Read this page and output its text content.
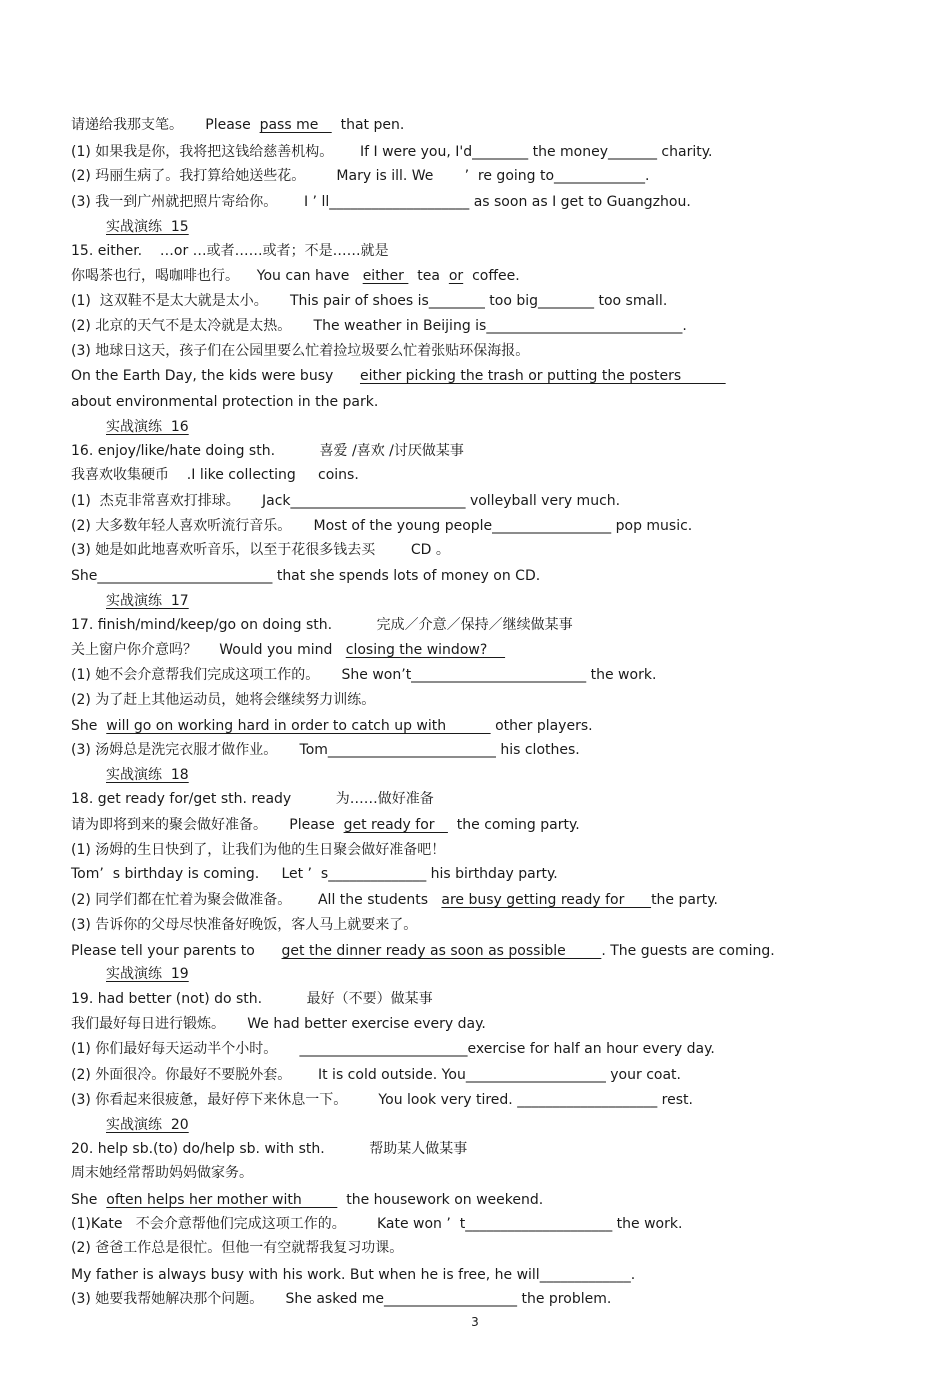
请递给我那支笔。     Please  pass me     that pen.
(1) 如果我是你，我将把这钱给慈善机构。      If I were you, I'd________ the money_______ charity.
(2) 玛丽生病了。我打算给她送些花。       Mary is ill. We       ’  re going to_____________.
(3) 我一到广州就把照片寄给你。      I ’ ll____________________ as soon as I get to Guangzhou.
实战演练  15
15. either.    …or …或者……或者；不是……就是
你喝茶也行，喝咖啡也行。    You can have   either   tea  or  coffee.
(1)  这双鞋不是太大就是太小。     This pair of shoes is________ too big________ too small.
(2) 北京的天气不是太冷就是太热。     The weather in Beijing is____________________________.
(3) 地球日这天，孩子们在公园里要么忙着捡垃圾要么忙着张贴环保海报。
On the Earth Day, the kids were busy      either picking the trash or putting the posters
about environmental protection in the park.
实战演练  16
16. enjoy/like/hate doing sth.          喜爱 /喜欢 /讨厌做某事
我喜欢收集硬币    .I like collecting     coins.
(1)  杰克非常喜欢打排球。     Jack_________________________ volleyball very much.
(2) 大多数年轻人喜欢听流行音乐。     Most of the young people_________________ pop music.
(3) 她是如此地喜欢听音乐，以至于花很多钱去买        CD 。
She_________________________ that she spends lots of money on CD.
实战演练  17
17. finish/mind/keep/go on doing sth.          完成／介意／保持／继续做某事
关上窗户你介意吗？     Would you mind   closing the window?
(1) 她不会介意帮我们完成这项工作的。     She won’t_________________________ the work.
(2) 为了赶上其他运动员，她将会继续努力训练。
She  will go on working hard in order to catch up with           other players.
(3) 汤姆总是洗完衣服才做作业。     Tom________________________ his clothes.
实战演练  18
18. get ready for/get sth. ready          为……做好准备
请为即将到来的聚会做好准备。     Please  get ready for     the coming party.
(1) 汤姆的生日快到了，让我们为他的生日聚会做好准备吧！
Tom’  s birthday is coming.     Let ’  s______________ his birthday party.
(2) 同学们都在忙着为聚会做准备。      All the students   are busy getting ready for      the party.
(3) 告诉你的父母尽快准备好晚饭，客人马上就要来了。
Please tell your parents to      get the dinner ready as soon as possible        . The guests are coming.
实战演练  19
19. had better (not) do sth.          最好（不要）做某事
我们最好每日进行锻炼。     We had better exercise every day.
(1) 你们最好每天运动半个小时。     ________________________exercise for half an hour every day.
(2) 外面很冷。你最好不要脱外套。      It is cold outside. You____________________ your coat.
(3) 你看起来很疲惫，最好停下来休息一下。       You look very tired. ____________________ rest.
实战演练  20
20. help sb.(to) do/help sb. with sth.          帮助某人做某事
周末她经常帮助妈妈做家务。
She  often helps her mother with          the housework on weekend.
(1)Kate   不会介意帮他们完成这项工作的。       Kate won ’  t_____________________ the work.
(2) 爸爸工作总是很忙。但他一有空就帮我复习功课。
My father is always busy with his work. But when he is free, he will_____________.
(3) 她要我帮她解决那个问题。     She asked me___________________ the problem.
3
